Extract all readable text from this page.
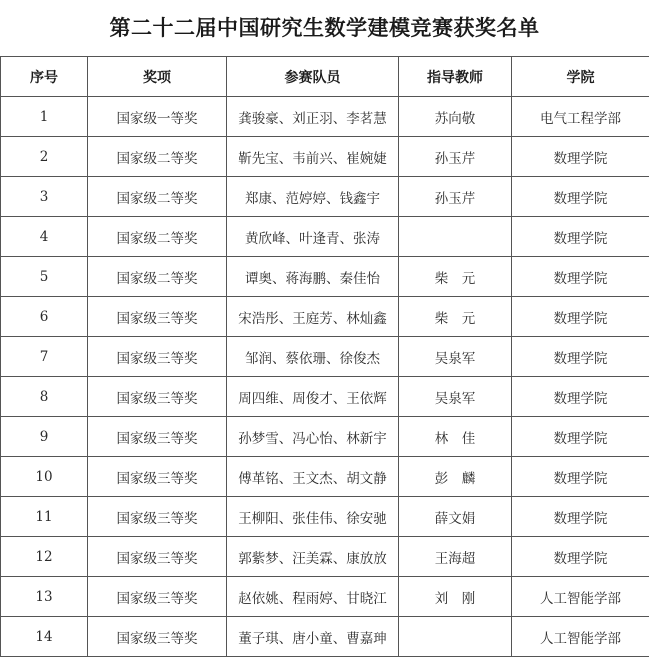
第二十二届中国研究生数学建模竞赛获奖名单
序号	奖项	参赛队员	指导教师	学院
1	国家级一等奖	龚骏豪、刘正羽、李茗慧	苏向敬	电气工程学部
2	国家级二等奖	靳先宝、韦前兴、崔婉婕	孙玉芹	数理学院
3	国家级二等奖	郑康、范婷婷、钱鑫宇	孙玉芹	数理学院
4	国家级二等奖	黄欣峰、叶逢青、张涛		数理学院
5	国家级二等奖	谭奥、蒋海鹏、秦佳怡	柴　元	数理学院
6	国家级三等奖	宋浩彤、王庭芳、林灿鑫	柴　元	数理学院
7	国家级三等奖	邹润、蔡依珊、徐俊杰	吴泉军	数理学院
8	国家级三等奖	周四维、周俊才、王依辉	吴泉军	数理学院
9	国家级三等奖	孙梦雪、冯心怡、林新宇	林　佳	数理学院
10	国家级三等奖	傅革铭、王文杰、胡文静	彭　麟	数理学院
11	国家级三等奖	王柳阳、张佳伟、徐安驰	薛文娟	数理学院
12	国家级三等奖	郭紫梦、汪美霖、康放放	王海超	数理学院
13	国家级三等奖	赵依姚、程雨婷、甘晓江	刘　刚	人工智能学部
14	国家级三等奖	董子琪、唐小童、曹嘉珅		人工智能学部
